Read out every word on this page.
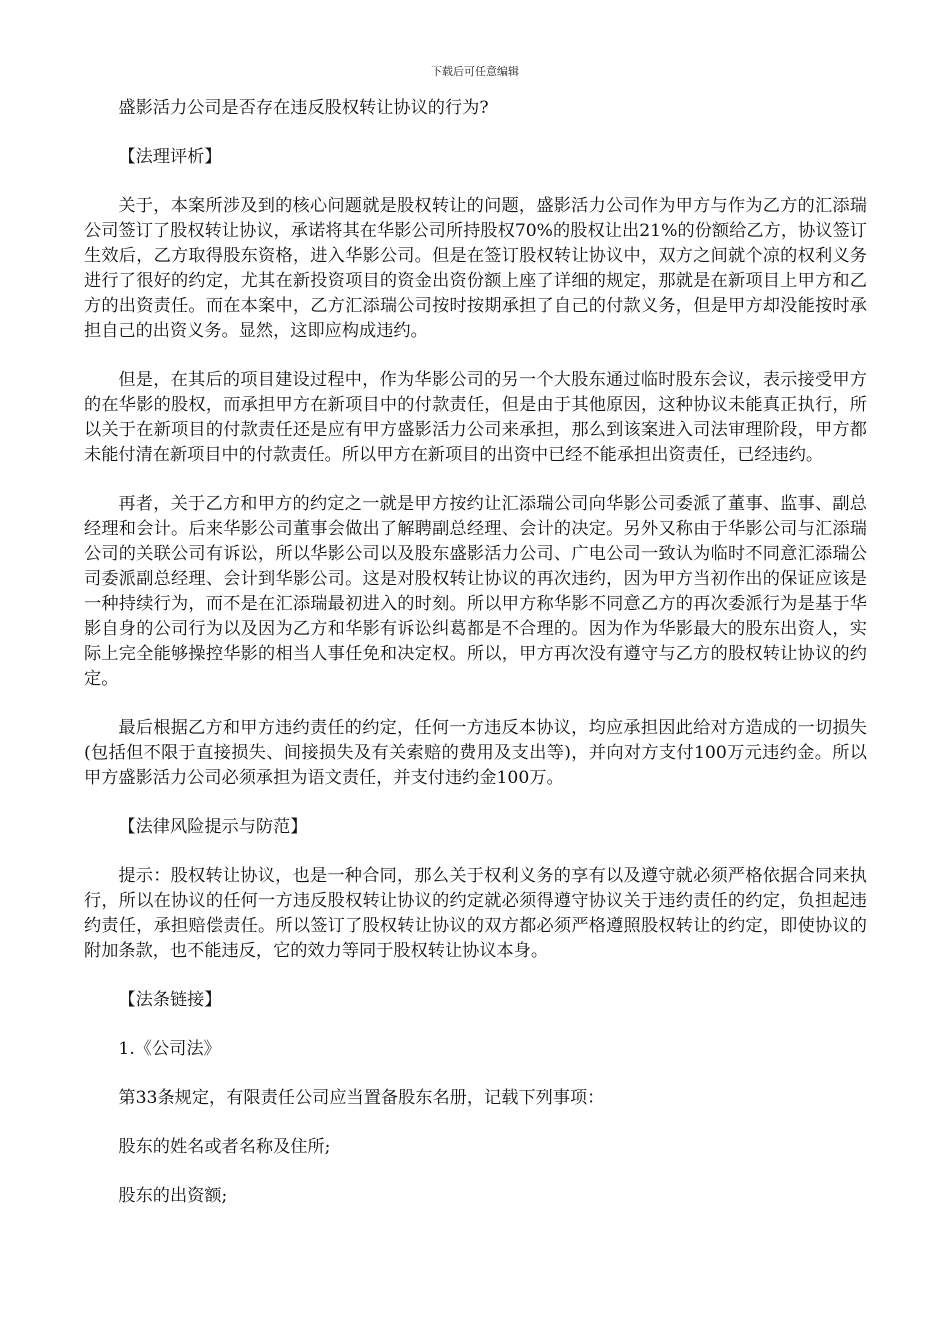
下载后可任意编辑

盛影活力公司是否存在违反股权转让协议的行为?

【法理评析】

关于，本案所涉及到的核心问题就是股权转让的问题，盛影活力公司作为甲方与作为乙方的汇添瑞公司签订了股权转让协议，承诺将其在华影公司所持股权70%的股权让出21%的份额给乙方，协议签订生效后，乙方取得股东资格，进入华影公司。但是在签订股权转让协议中，双方之间就个凉的权利义务进行了很好的约定，尤其在新投资项目的资金出资份额上座了详细的规定，那就是在新项目上甲方和乙方的出资责任。而在本案中，乙方汇添瑞公司按时按期承担了自己的付款义务，但是甲方却没能按时承担自己的出资义务。显然，这即应构成违约。

但是，在其后的项目建设过程中，作为华影公司的另一个大股东通过临时股东会议，表示接受甲方的在华影的股权，而承担甲方在新项目中的付款责任，但是由于其他原因，这种协议未能真正执行，所以关于在新项目的付款责任还是应有甲方盛影活力公司来承担，那么到该案进入司法审理阶段，甲方都未能付清在新项目中的付款责任。所以甲方在新项目的出资中已经不能承担出资责任，已经违约。

再者，关于乙方和甲方的约定之一就是甲方按约让汇添瑞公司向华影公司委派了董事、监事、副总经理和会计。后来华影公司董事会做出了解聘副总经理、会计的决定。另外又称由于华影公司与汇添瑞公司的关联公司有诉讼，所以华影公司以及股东盛影活力公司、广电公司一致认为临时不同意汇添瑞公司委派副总经理、会计到华影公司。这是对股权转让协议的再次违约，因为甲方当初作出的保证应该是一种持续行为，而不是在汇添瑞最初进入的时刻。所以甲方称华影不同意乙方的再次委派行为是基于华影自身的公司行为以及因为乙方和华影有诉讼纠葛都是不合理的。因为作为华影最大的股东出资人，实际上完全能够操控华影的相当人事任免和决定权。所以，甲方再次没有遵守与乙方的股权转让协议的约定。

最后根据乙方和甲方违约责任的约定，任何一方违反本协议，均应承担因此给对方造成的一切损失(包括但不限于直接损失、间接损失及有关索赔的费用及支出等)，并向对方支付100万元违约金。所以甲方盛影活力公司必须承担为语文责任，并支付违约金100万。

【法律风险提示与防范】

提示：股权转让协议，也是一种合同，那么关于权利义务的享有以及遵守就必须严格依据合同来执行，所以在协议的任何一方违反股权转让协议的约定就必须得遵守协议关于违约责任的约定，负担起违约责任，承担赔偿责任。所以签订了股权转让协议的双方都必须严格遵照股权转让的约定，即使协议的附加条款，也不能违反，它的效力等同于股权转让协议本身。

【法条链接】

1.《公司法》

第33条规定，有限责任公司应当置备股东名册，记载下列事项：

股东的姓名或者名称及住所;

股东的出资额;
